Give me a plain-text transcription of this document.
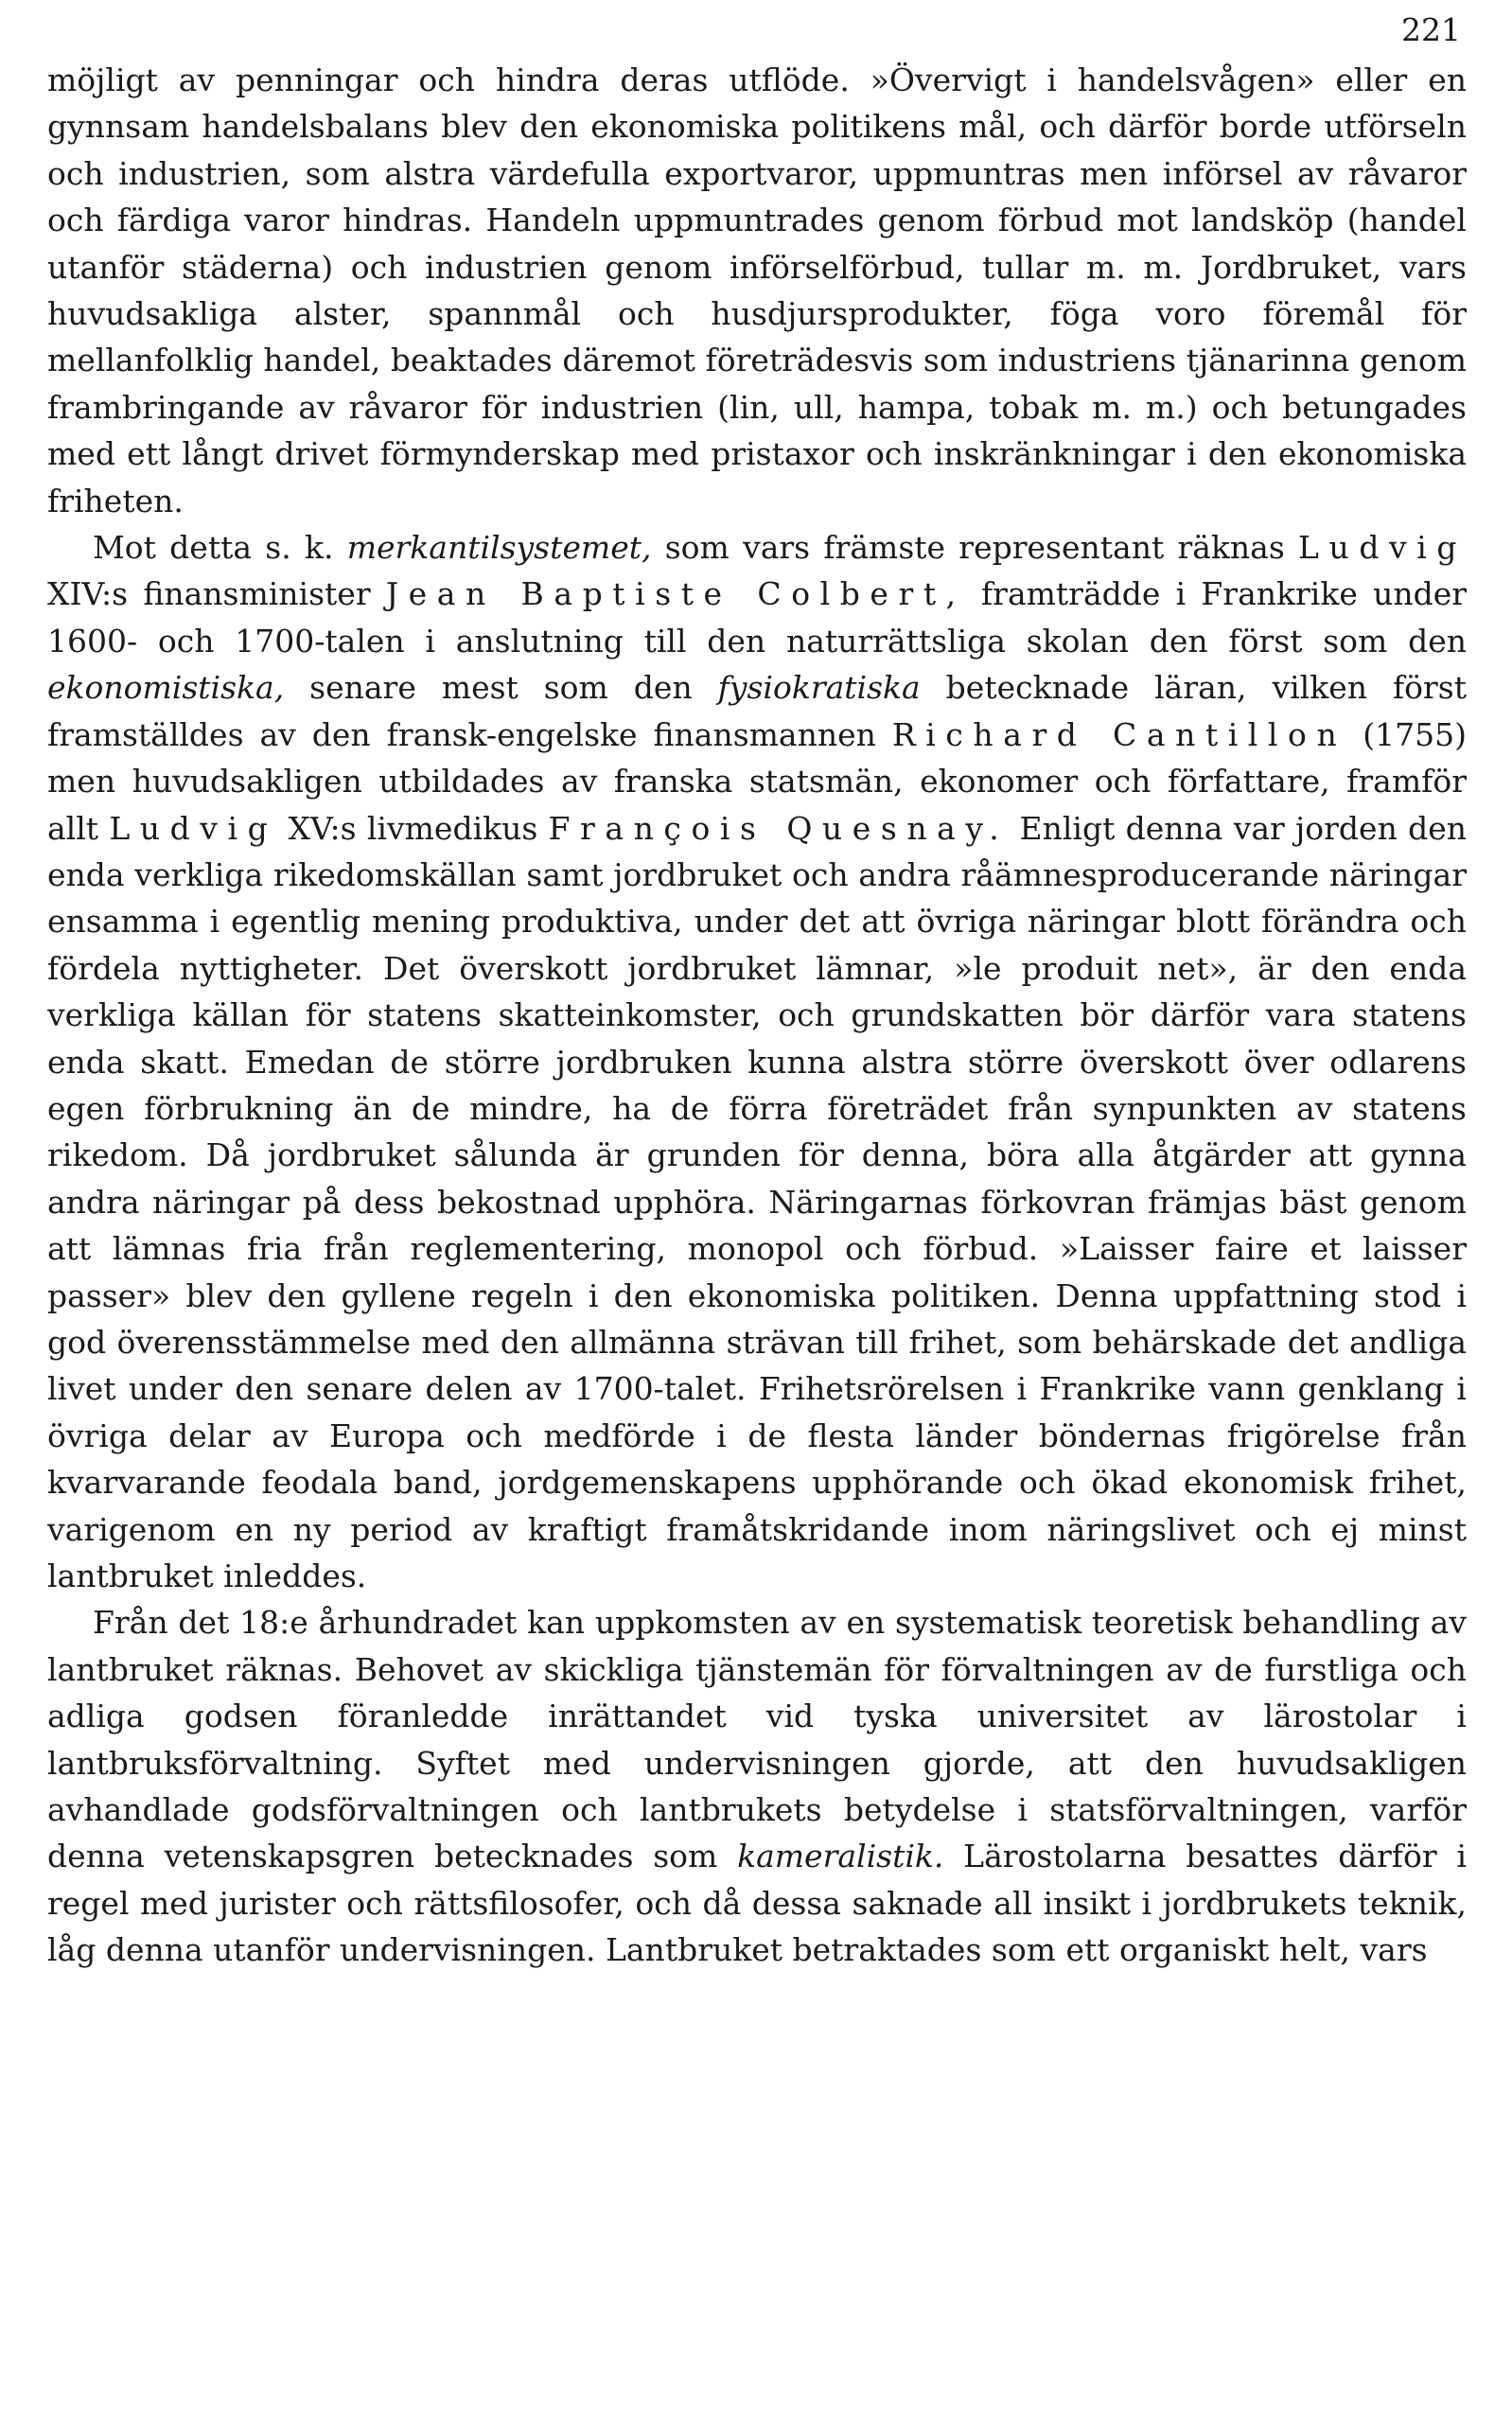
221

möjligt av penningar och hindra deras utflöde. »Övervigt i handelsvågen» eller en gynnsam handelsbalans blev den ekonomiska politikens mål, och därför borde utförseln och industrien, som alstra värdefulla exportvaror, uppmuntras men införsel av råvaror och färdiga varor hindras. Handeln uppmuntrades genom förbud mot landsköp (handel utanför städerna) och industrien genom införselförbud, tullar m. m. Jordbruket, vars huvudsakliga alster, spannmål och husdjursprodukter, föga voro föremål för mellanfolklig handel, beaktades däremot företrädesvis som industriens tjänarinna genom frambringande av råvaror för industrien (lin, ull, hampa, tobak m. m.) och betungades med ett långt drivet förmynderskap med pristaxor och inskränkningar i den ekonomiska friheten.

Mot detta s. k. merkantilsystemet, som vars främste representant räknas Ludvig XIV:s finansminister Jean Baptiste Colbert, framträdde i Frankrike under 1600- och 1700-talen i anslutning till den naturrättsliga skolan den först som den ekonomistiska, senare mest som den fysiokratiska betecknade läran, vilken först framställdes av den fransk-engelske finansmannen Richard Cantillon (1755) men huvudsakligen utbildades av franska statsmän, ekonomer och författare, framför allt Ludvig XV:s livmedikus François Quesnay. Enligt denna var jorden den enda verkliga rikedomskällan samt jordbruket och andra råämnesproducerande näringar ensamma i egentlig mening produktiva, under det att övriga näringar blott förändra och fördela nyttigheter. Det överskott jordbruket lämnar, »le produit net», är den enda verkliga källan för statens skatteinkomster, och grundskatten bör därför vara statens enda skatt. Emedan de större jordbruken kunna alstra större överskott över odlarens egen förbrukning än de mindre, ha de förra företrädet från synpunkten av statens rikedom. Då jordbruket sålunda är grunden för denna, böra alla åtgärder att gynna andra näringar på dess bekostnad upphöra. Näringarnas förkovran främjas bäst genom att lämnas fria från reglementering, monopol och förbud. »Laisser faire et laisser passer» blev den gyllene regeln i den ekonomiska politiken. Denna uppfattning stod i god överensstämmelse med den allmänna strävan till frihet, som behärskade det andliga livet under den senare delen av 1700-talet. Frihetsrörelsen i Frankrike vann genklang i övriga delar av Europa och medförde i de flesta länder böndernas frigörelse från kvarvarande feodala band, jordgemenskapens upphörande och ökad ekonomisk frihet, varigenom en ny period av kraftigt framåtskridande inom näringslivet och ej minst lantbruket inleddes.

Från det 18:e århundradet kan uppkomsten av en systematisk teoretisk behandling av lantbruket räknas. Behovet av skickliga tjänstemän för förvaltningen av de furstliga och adliga godsen föranledde inrättandet vid tyska universitet av lärostolar i lantbruksförvaltning. Syftet med undervisningen gjorde, att den huvudsakligen avhandlade godsförvaltningen och lantbrukets betydelse i statsförvaltningen, varför denna vetenskapsgren betecknades som kameralistik. Lärostolarna besattes därför i regel med jurister och rättsfilosofer, och då dessa saknade all insikt i jordbrukets teknik, låg denna utanför undervisningen. Lantbruket betraktades som ett organiskt helt, vars
